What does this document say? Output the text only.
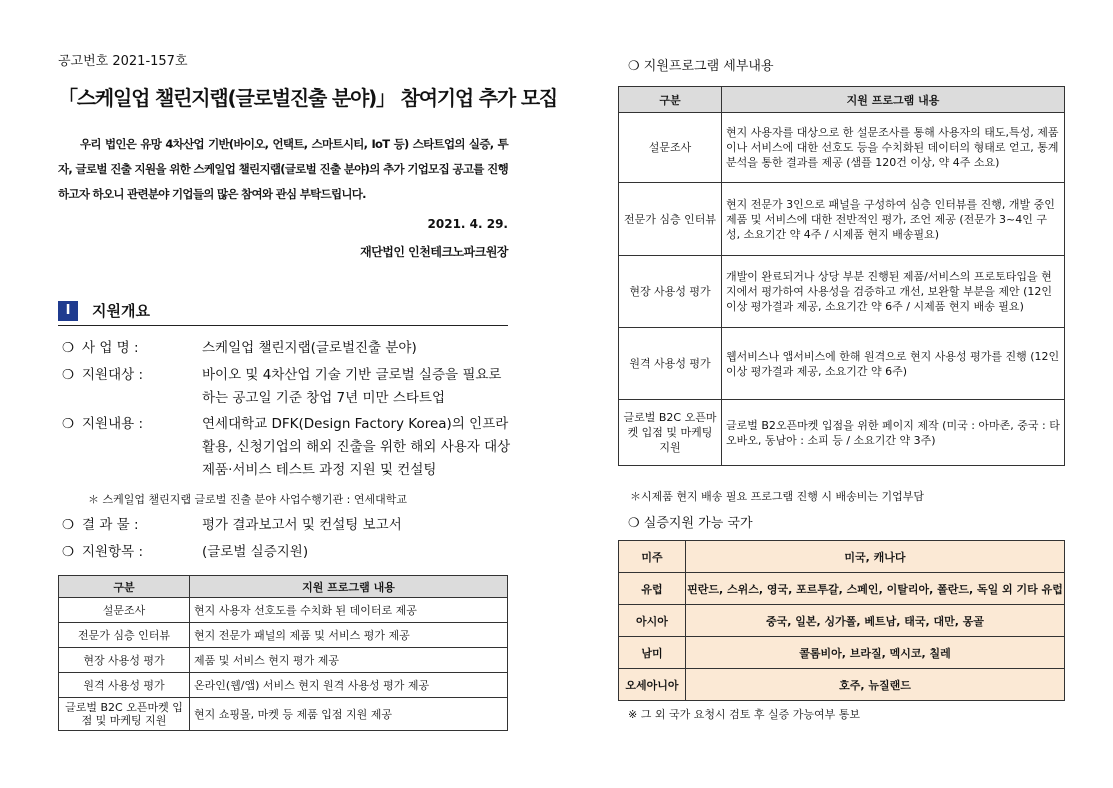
공고번호 2021-157호
「스케일업 챌린지랩(글로벌진출 분야)」 참여기업 추가 모집
우리 법인은 유망 4차산업 기반(바이오, 언택트, 스마트시티, IoT 등) 스타트업의 실증, 투자, 글로벌 진출 지원을 위한 스케일업 챌린지랩(글로벌 진출 분야)의 추가 기업모집 공고를 진행하고자 하오니 관련분야 기업들의 많은 참여와 관심 부탁드립니다.
2021. 4. 29.
재단법인 인천테크노파크원장
Ⅰ	지원개요
❍ 사 업 명 :	스케일업 챌린지랩(글로벌진출 분야)
❍ 지원대상 :	바이오 및 4차산업 기술 기반 글로벌 실증을 필요로 하는 공고일 기준 창업 7년 미만 스타트업
❍ 지원내용 :	연세대학교 DFK(Design Factory Korea)의 인프라 활용, 신청기업의 해외 진출을 위한 해외 사용자 대상 제품·서비스 테스트 과정 지원 및 컨설팅
＊ 스케일업 챌린지랩 글로벌 진출 분야 사업수행기관 : 연세대학교
❍ 결 과 물 :	평가 결과보고서 및 컨설팅 보고서
❍ 지원항목 :	(글로벌 실증지원)
구분	지원 프로그램 내용
설문조사	현지 사용자 선호도를 수치화 된 데이터로 제공
전문가 심층 인터뷰	현지 전문가 패널의 제품 및 서비스 평가 제공
현장 사용성 평가	제품 및 서비스 현지 평가 제공
원격 사용성 평가	온라인(웹/앱) 서비스 현지 원격 사용성 평가 제공
글로벌 B2C 오픈마켓 입점 및 마케팅 지원	현지 쇼핑몰, 마켓 등 제품 입점 지원 제공
❍ 지원프로그램 세부내용
구분	지원 프로그램 내용
설문조사	현지 사용자를 대상으로 한 설문조사를 통해 사용자의 태도,특성, 제품이나 서비스에 대한 선호도 등을 수치화된 데이터의 형태로 얻고, 통계분석을 통한 결과를 제공 (샘플 120건 이상, 약 4주 소요)
전문가 심층 인터뷰	현지 전문가 3인으로 패널을 구성하여 심층 인터뷰를 진행, 개발 중인 제품 및 서비스에 대한 전반적인 평가, 조언 제공 (전문가 3~4인 구성, 소요기간 약 4주 / 시제품 현지 배송필요)
현장 사용성 평가	개발이 완료되거나 상당 부분 진행된 제품/서비스의 프로토타입을 현지에서 평가하여 사용성을 검증하고 개선, 보완할 부분을 제안 (12인 이상 평가결과 제공, 소요기간 약 6주 / 시제품 현지 배송 필요)
원격 사용성 평가	웹서비스나 앱서비스에 한해 원격으로 현지 사용성 평가를 진행 (12인 이상 평가결과 제공, 소요기간 약 6주)
글로벌 B2C 오픈마켓 입점 및 마케팅 지원	글로벌 B2오픈마켓 입점을 위한 페이지 제작 (미국 : 아마존, 중국 : 타오바오, 동남아 : 소피 등 / 소요기간 약 3주)
＊시제품 현지 배송 필요 프로그램 진행 시 배송비는 기업부담
❍ 실증지원 가능 국가
미주	미국, 캐나다
유럽	핀란드, 스위스, 영국, 포르투갈, 스페인, 이탈리아, 폴란드, 독일 외 기타 유럽
아시아	중국, 일본, 싱가폴, 베트남, 태국, 대만, 몽골
남미	콜롬비아, 브라질, 멕시코, 칠레
오세아니아	호주, 뉴질랜드
※ 그 외 국가 요청시 검토 후 실증 가능여부 통보
